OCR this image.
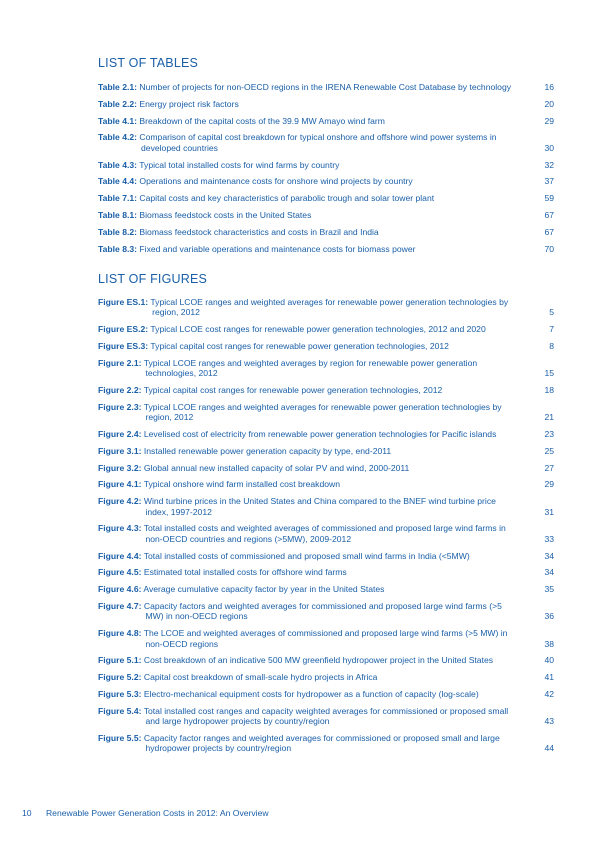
LIST OF TABLES
Table 2.1: Number of projects for non-OECD regions in the IRENA Renewable Cost Database by technology	16
Table 2.2: Energy project risk factors	20
Table 4.1: Breakdown of the capital costs of the 39.9 MW Amayo wind farm	29
Table 4.2: Comparison of capital cost breakdown for typical onshore and offshore wind power systems in developed countries	30
Table 4.3: Typical total installed costs for wind farms by country	32
Table 4.4: Operations and maintenance costs for onshore wind projects by country	37
Table 7.1: Capital costs and key characteristics of parabolic trough and solar tower plant	59
Table 8.1: Biomass feedstock costs in the United States	67
Table 8.2: Biomass feedstock characteristics and costs in Brazil and India	67
Table 8.3: Fixed and variable operations and maintenance costs for biomass power	70
LIST OF FIGURES
Figure ES.1: Typical LCOE ranges and weighted averages for renewable power generation technologies by region, 2012	5
Figure ES.2: Typical LCOE cost ranges for renewable power generation technologies, 2012 and 2020	7
Figure ES.3: Typical capital cost ranges for renewable power generation technologies, 2012	8
Figure 2.1: Typical LCOE ranges and weighted averages by region for renewable power generation technologies, 2012	15
Figure 2.2: Typical capital cost ranges for renewable power generation technologies, 2012	18
Figure 2.3: Typical LCOE ranges and weighted averages for renewable power generation technologies by region, 2012	21
Figure 2.4: Levelised cost of electricity from renewable power generation technologies for Pacific islands	23
Figure 3.1: Installed renewable power generation capacity by type, end-2011	25
Figure 3.2: Global annual new installed capacity of solar PV and wind, 2000-2011	27
Figure 4.1: Typical onshore wind farm installed cost breakdown	29
Figure 4.2: Wind turbine prices in the United States and China compared to the BNEF wind turbine price index, 1997-2012	31
Figure 4.3: Total installed costs and weighted averages of commissioned and proposed large wind farms in non-OECD countries and regions (>5MW), 2009-2012	33
Figure 4.4: Total installed costs of commissioned and proposed small wind farms in India (<5MW)	34
Figure 4.5: Estimated total installed costs for offshore wind farms	34
Figure 4.6: Average cumulative capacity factor by year in the United States	35
Figure 4.7: Capacity factors and weighted averages for commissioned and proposed large wind farms (>5 MW) in non-OECD regions	36
Figure 4.8: The LCOE and weighted averages of commissioned and proposed large wind farms (>5 MW) in non-OECD regions	38
Figure 5.1: Cost breakdown of an indicative 500 MW greenfield hydropower project in the United States	40
Figure 5.2: Capital cost breakdown of small-scale hydro projects in Africa	41
Figure 5.3: Electro-mechanical equipment costs for hydropower as a function of capacity (log-scale)	42
Figure 5.4: Total installed cost ranges and capacity weighted averages for commissioned or proposed small and large hydropower projects by country/region	43
Figure 5.5: Capacity factor ranges and weighted averages for commissioned or proposed small and large hydropower projects by country/region	44
10 Renewable Power Generation Costs in 2012: An Overview
